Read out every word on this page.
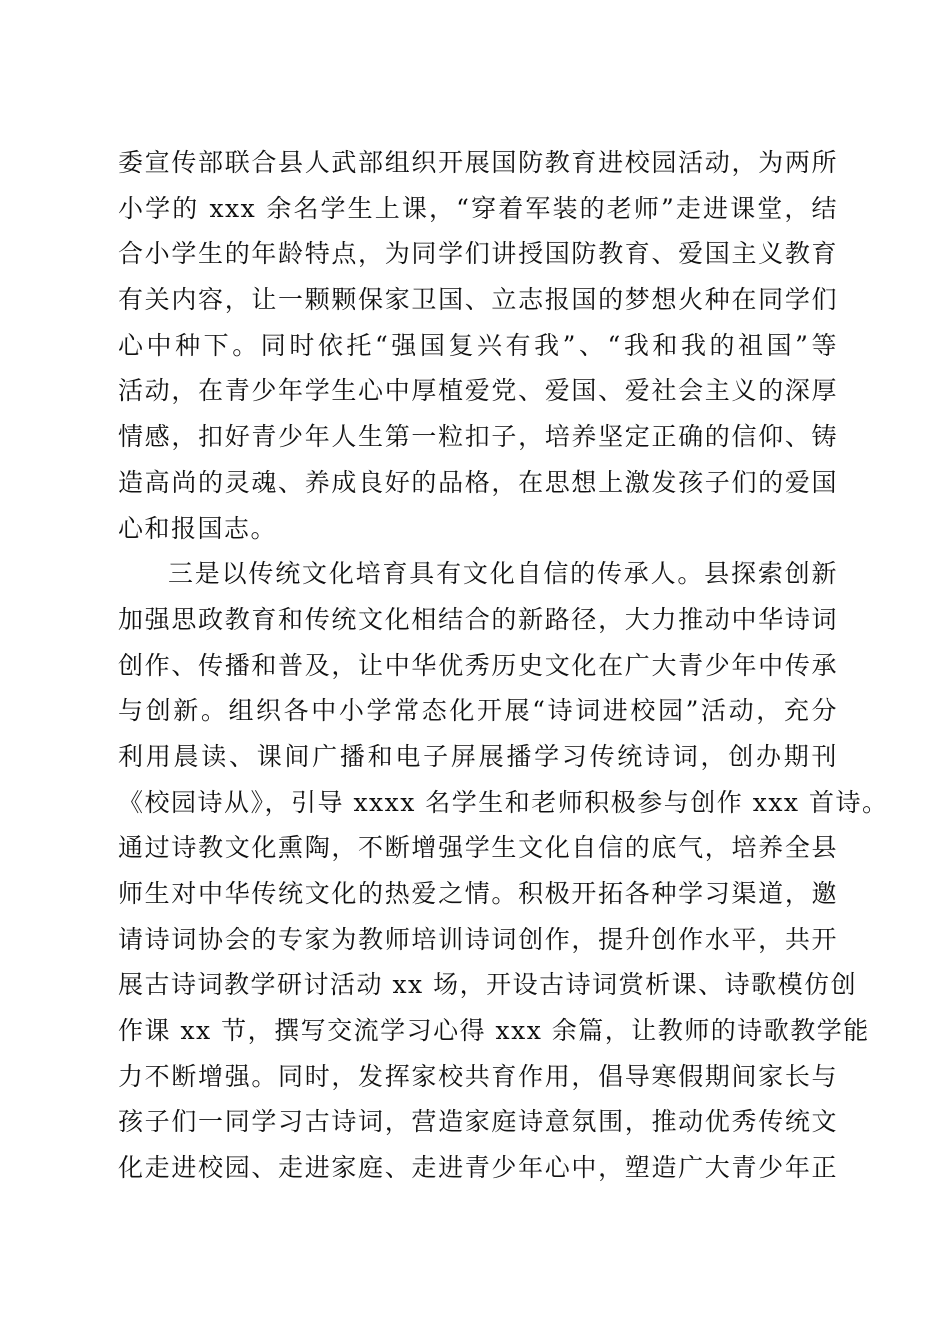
委宣传部联合县人武部组织开展国防教育进校园活动，为两所
小学的 xxx 余名学生上课，“穿着军装的老师”走进课堂，结
合小学生的年龄特点，为同学们讲授国防教育、爱国主义教育
有关内容，让一颗颗保家卫国、立志报国的梦想火种在同学们
心中种下。同时依托“强国复兴有我”、“我和我的祖国”等
活动，在青少年学生心中厚植爱党、爱国、爱社会主义的深厚
情感，扣好青少年人生第一粒扣子，培养坚定正确的信仰、铸
造高尚的灵魂、养成良好的品格，在思想上激发孩子们的爱国
心和报国志。
三是以传统文化培育具有文化自信的传承人。县探索创新
加强思政教育和传统文化相结合的新路径，大力推动中华诗词
创作、传播和普及，让中华优秀历史文化在广大青少年中传承
与创新。组织各中小学常态化开展“诗词进校园”活动，充分
利用晨读、课间广播和电子屏展播学习传统诗词，创办期刊
《校园诗从》，引导 xxxx 名学生和老师积极参与创作 xxx 首诗。
通过诗教文化熏陶，不断增强学生文化自信的底气，培养全县
师生对中华传统文化的热爱之情。积极开拓各种学习渠道，邀
请诗词协会的专家为教师培训诗词创作，提升创作水平，共开
展古诗词教学研讨活动 xx 场，开设古诗词赏析课、诗歌模仿创
作课 xx 节，撰写交流学习心得 xxx 余篇，让教师的诗歌教学能
力不断增强。同时，发挥家校共育作用，倡导寒假期间家长与
孩子们一同学习古诗词，营造家庭诗意氛围，推动优秀传统文
化走进校园、走进家庭、走进青少年心中，塑造广大青少年正
